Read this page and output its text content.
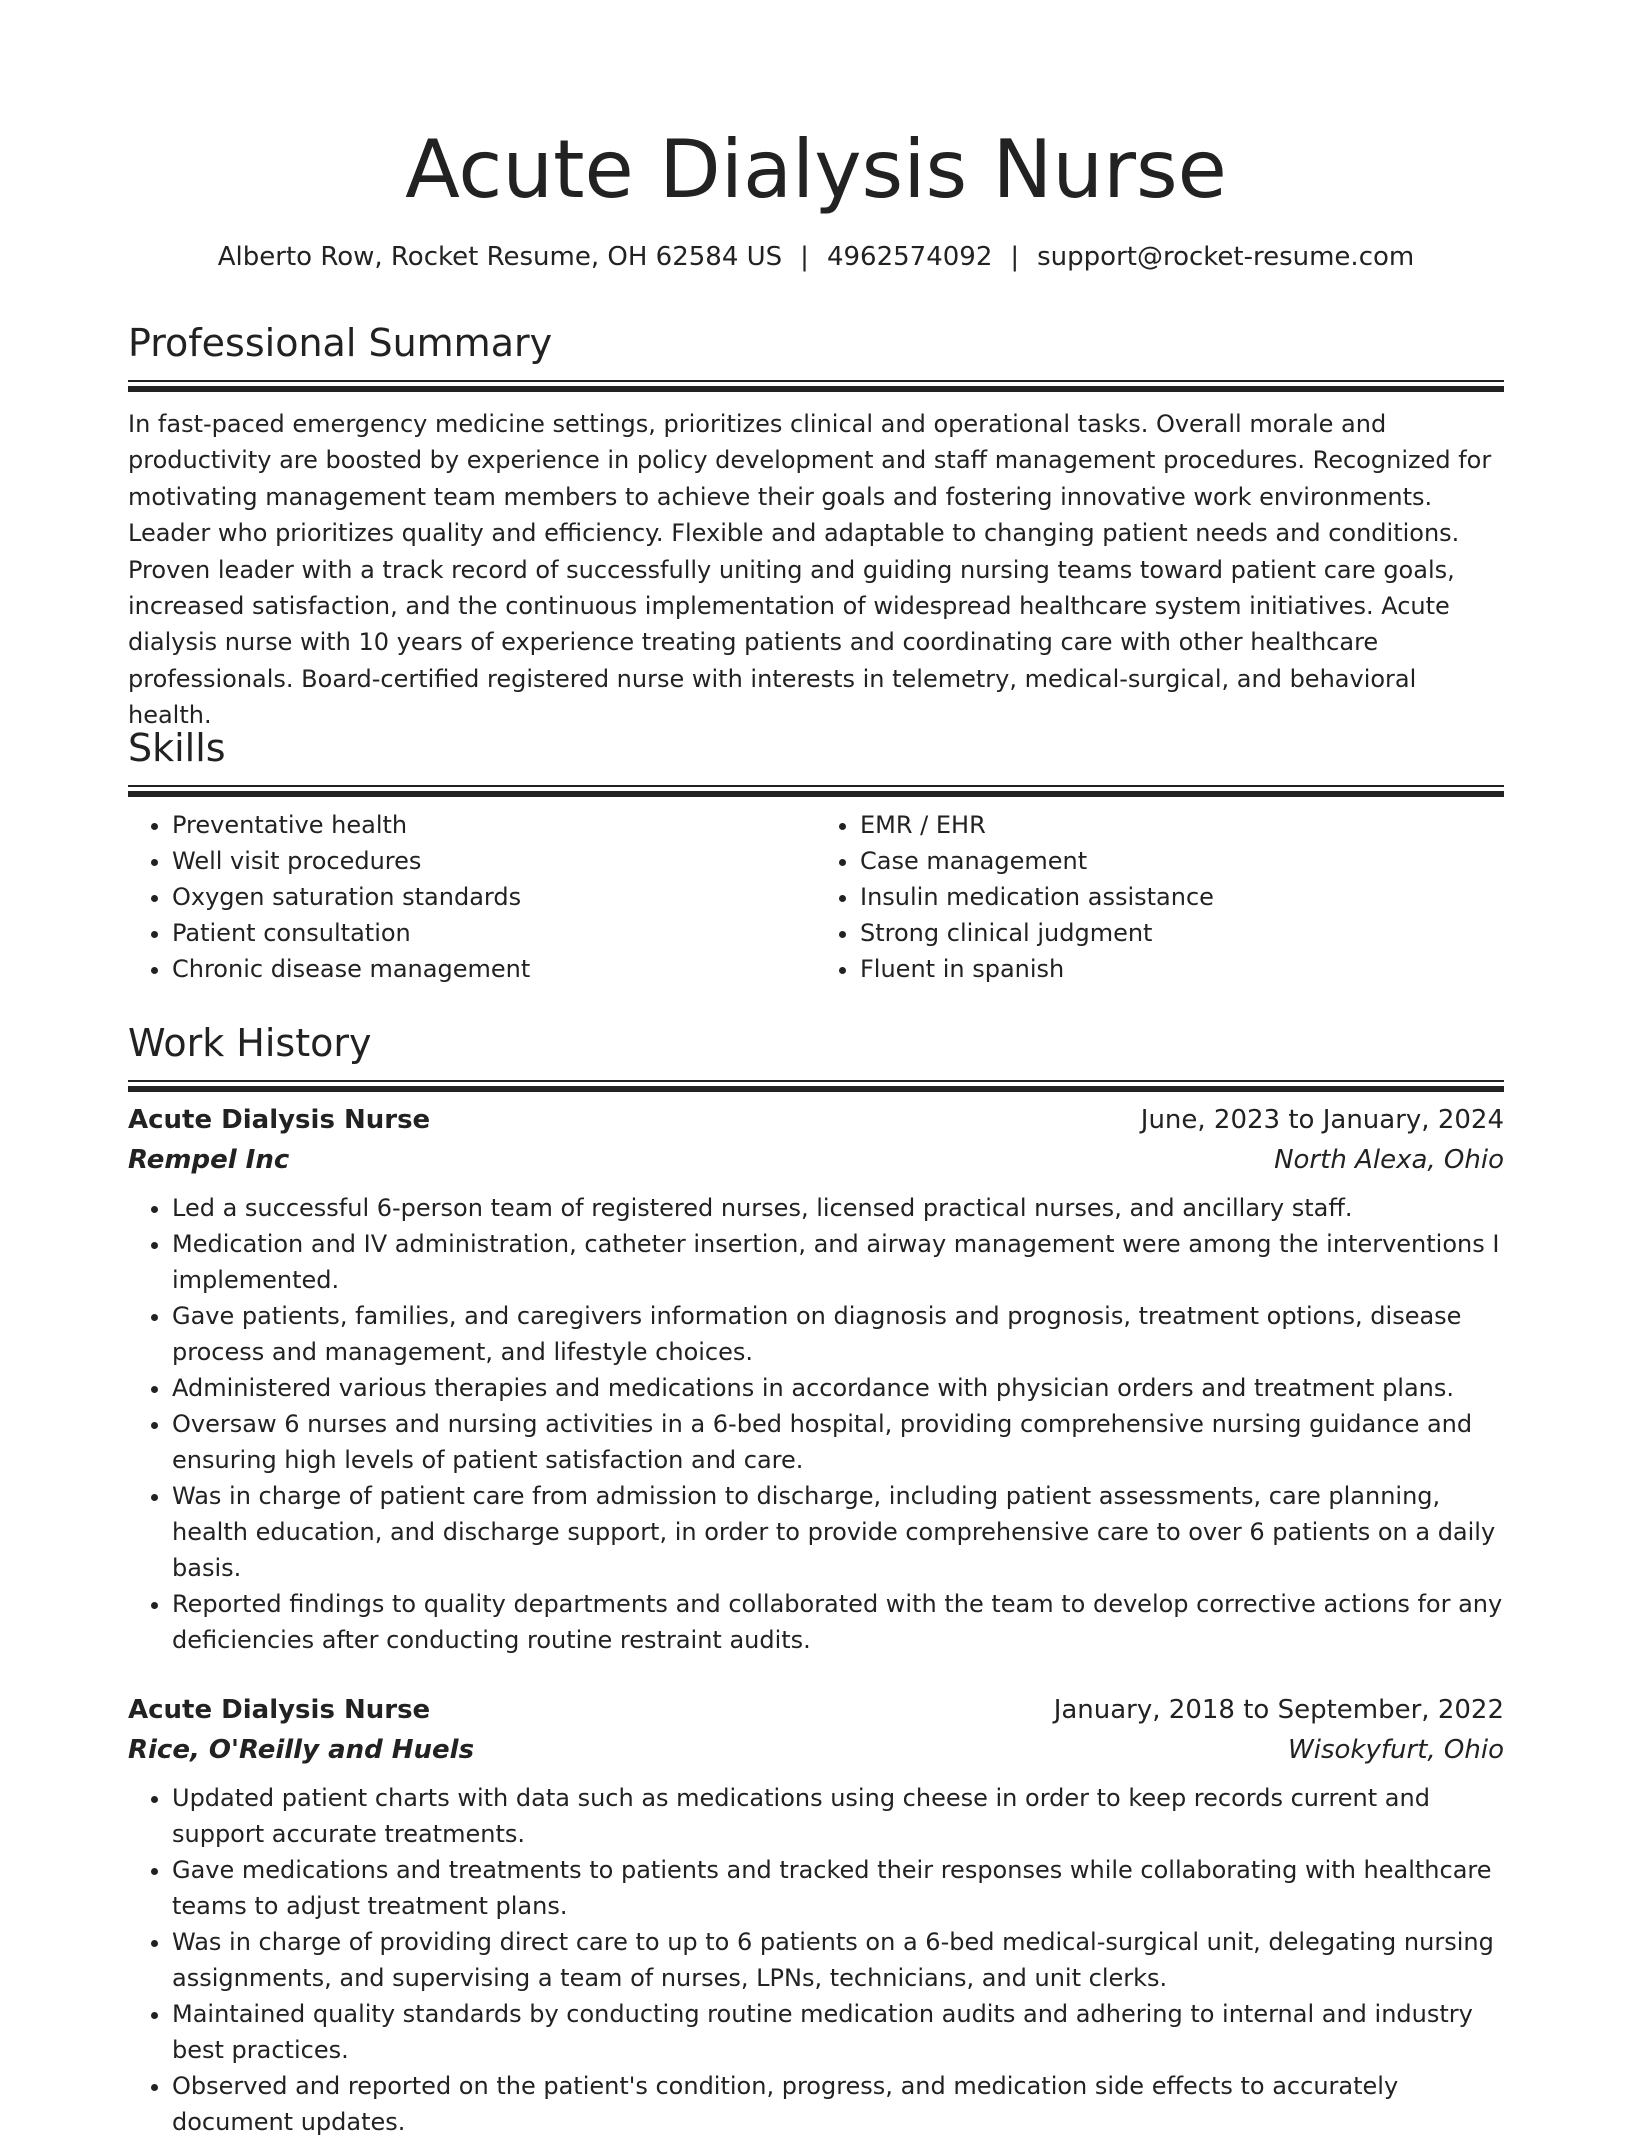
Acute Dialysis Nurse
Alberto Row, Rocket Resume, OH 62584 US | 4962574092 | support@rocket-resume.com
Professional Summary

In fast-paced emergency medicine settings, prioritizes clinical and operational tasks. Overall morale and productivity are boosted by experience in policy development and staff management procedures. Recognized for motivating management team members to achieve their goals and fostering innovative work environments. Leader who prioritizes quality and efficiency. Flexible and adaptable to changing patient needs and conditions. Proven leader with a track record of successfully uniting and guiding nursing teams toward patient care goals, increased satisfaction, and the continuous implementation of widespread healthcare system initiatives. Acute dialysis nurse with 10 years of experience treating patients and coordinating care with other healthcare professionals. Board-certified registered nurse with interests in telemetry, medical-surgical, and behavioral health.

Skills
• Preventative health
• Well visit procedures
• Oxygen saturation standards
• Patient consultation
• Chronic disease management
• EMR / EHR
• Case management
• Insulin medication assistance
• Strong clinical judgment
• Fluent in spanish
Work History
Acute Dialysis Nurse	June, 2023 to January, 2024
Rempel Inc	North Alexa, Ohio
• Led a successful 6-person team of registered nurses, licensed practical nurses, and ancillary staff.
• Medication and IV administration, catheter insertion, and airway management were among the interventions I implemented.
• Gave patients, families, and caregivers information on diagnosis and prognosis, treatment options, disease process and management, and lifestyle choices.
• Administered various therapies and medications in accordance with physician orders and treatment plans.
• Oversaw 6 nurses and nursing activities in a 6-bed hospital, providing comprehensive nursing guidance and ensuring high levels of patient satisfaction and care.
• Was in charge of patient care from admission to discharge, including patient assessments, care planning, health education, and discharge support, in order to provide comprehensive care to over 6 patients on a daily basis.
• Reported findings to quality departments and collaborated with the team to develop corrective actions for any deficiencies after conducting routine restraint audits.
Acute Dialysis Nurse	January, 2018 to September, 2022
Rice, O'Reilly and Huels	Wisokyfurt, Ohio
• Updated patient charts with data such as medications using cheese in order to keep records current and support accurate treatments.
• Gave medications and treatments to patients and tracked their responses while collaborating with healthcare teams to adjust treatment plans.
• Was in charge of providing direct care to up to 6 patients on a 6-bed medical-surgical unit, delegating nursing assignments, and supervising a team of nurses, LPNs, technicians, and unit clerks.
• Maintained quality standards by conducting routine medication audits and adhering to internal and industry best practices.
• Observed and reported on the patient's condition, progress, and medication side effects to accurately document updates.
